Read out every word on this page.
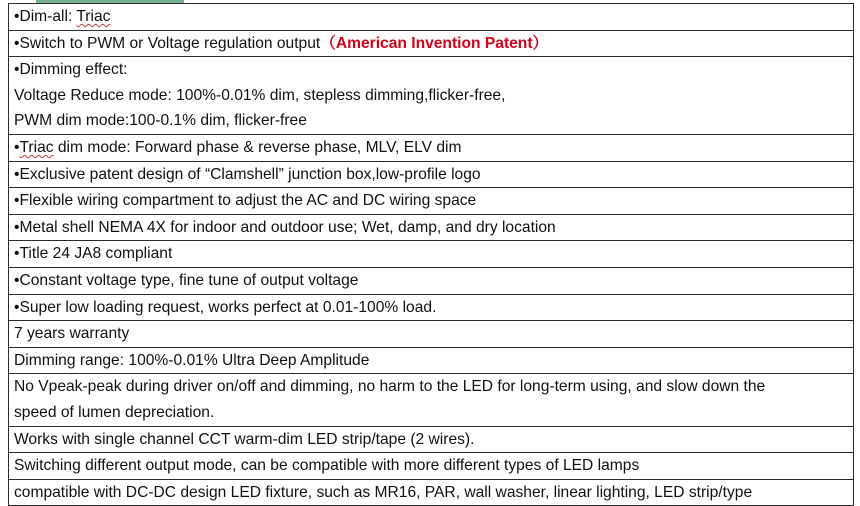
•Dim-all: Triac
•Switch to PWM or Voltage regulation output（American Invention Patent）

•Dimming effect:
Voltage Reduce mode: 100%-0.01% dim, stepless dimming,flicker-free,
PWM dim mode:100-0.1% dim, flicker-free

•Triac dim mode: Forward phase & reverse phase, MLV, ELV dim
•Exclusive patent design of “Clamshell” junction box,low-profile logo
•Flexible wiring compartment to adjust the AC and DC wiring space
•Metal shell NEMA 4X for indoor and outdoor use; Wet, damp, and dry location
•Title 24 JA8 compliant
•Constant voltage type, fine tune of output voltage
•Super low loading request, works perfect at 0.01-100% load.
7 years warranty
Dimming range: 100%-0.01% Ultra Deep Amplitude

No Vpeak-peak during driver on/off and dimming, no harm to the LED for long-term using, and slow down the
speed of lumen depreciation.

Works with single channel CCT warm-dim LED strip/tape (2 wires).
Switching different output mode, can be compatible with more different types of LED lamps
compatible with DC-DC design LED fixture, such as MR16, PAR, wall washer, linear lighting, LED strip/type
